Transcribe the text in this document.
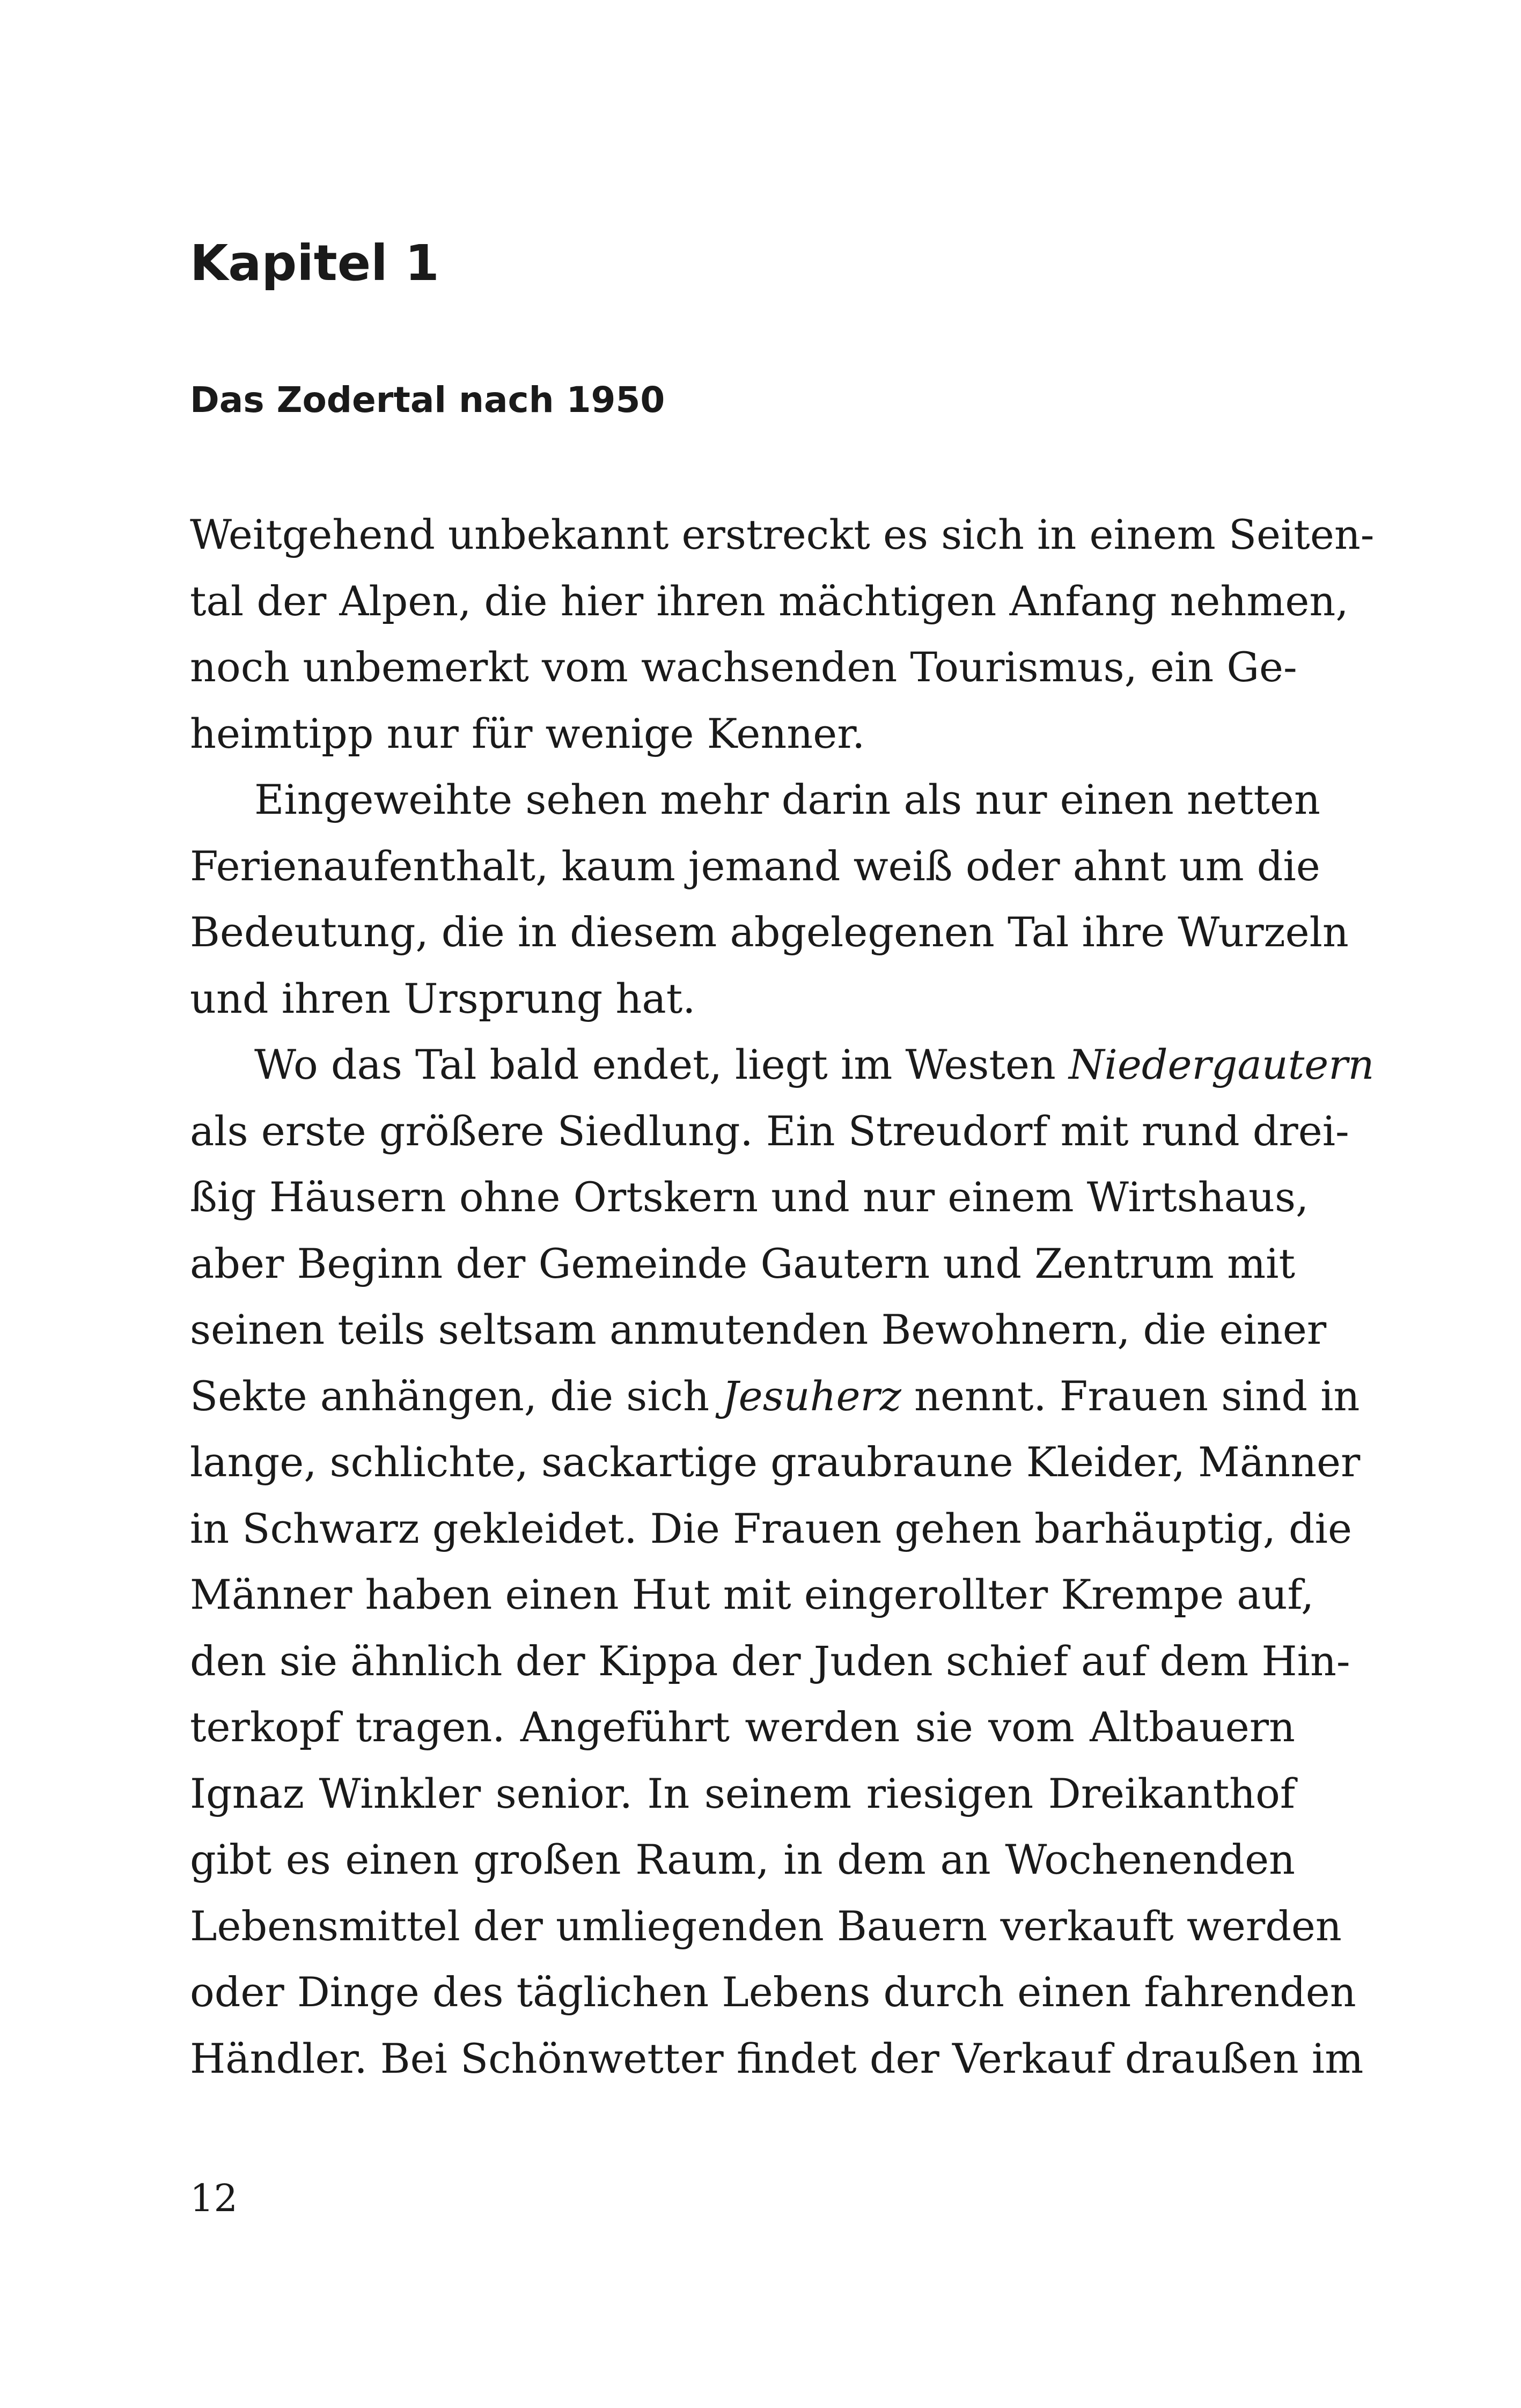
Kapitel 1
Das Zodertal nach 1950
Weitgehend unbekannt erstreckt es sich in einem Seiten-
tal der Alpen, die hier ihren mächtigen Anfang nehmen,
noch unbemerkt vom wachsenden Tourismus, ein Ge-
heimtipp nur für wenige Kenner.
Eingeweihte sehen mehr darin als nur einen netten
Ferienaufenthalt, kaum jemand weiß oder ahnt um die
Bedeutung, die in diesem abgelegenen Tal ihre Wurzeln
und ihren Ursprung hat.
Wo das Tal bald endet, liegt im Westen Niedergautern
als erste größere Siedlung. Ein Streudorf mit rund drei-
ßig Häusern ohne Ortskern und nur einem Wirtshaus,
aber Beginn der Gemeinde Gautern und Zentrum mit
seinen teils seltsam anmutenden Bewohnern, die einer
Sekte anhängen, die sich Jesuherz nennt. Frauen sind in
lange, schlichte, sackartige graubraune Kleider, Männer
in Schwarz gekleidet. Die Frauen gehen barhäuptig, die
Männer haben einen Hut mit eingerollter Krempe auf,
den sie ähnlich der Kippa der Juden schief auf dem Hin-
terkopf tragen. Angeführt werden sie vom Altbauern
Ignaz Winkler senior. In seinem riesigen Dreikanthof
gibt es einen großen Raum, in dem an Wochenenden
Lebensmittel der umliegenden Bauern verkauft werden
oder Dinge des täglichen Lebens durch einen fahrenden
Händler. Bei Schönwetter findet der Verkauf draußen im

12
